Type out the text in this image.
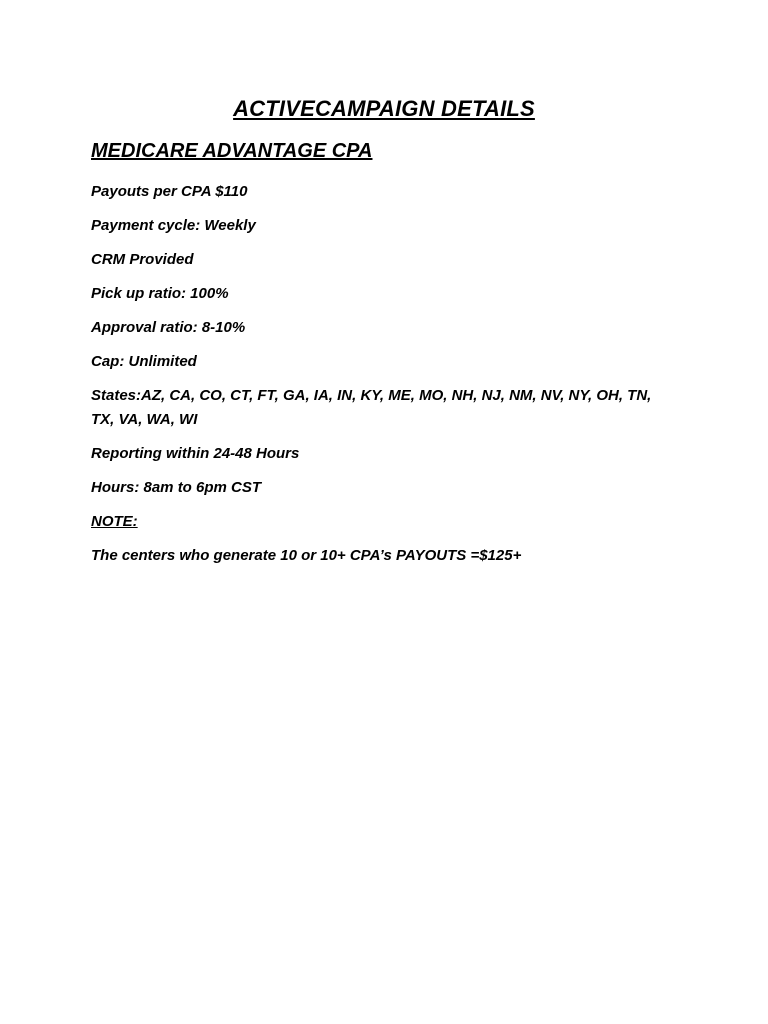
ACTIVECAMPAIGN DETAILS
MEDICARE ADVANTAGE CPA
Payouts per CPA $110
Payment cycle: Weekly
CRM Provided
Pick up ratio: 100%
Approval ratio: 8-10%
Cap: Unlimited
States:AZ, CA, CO, CT, FT, GA, IA, IN, KY, ME, MO, NH, NJ, NM, NV, NY, OH, TN, TX, VA, WA, WI
Reporting within 24-48 Hours
Hours: 8am to 6pm CST
NOTE:
The centers who generate 10 or 10+ CPA’s PAYOUTS =$125+
